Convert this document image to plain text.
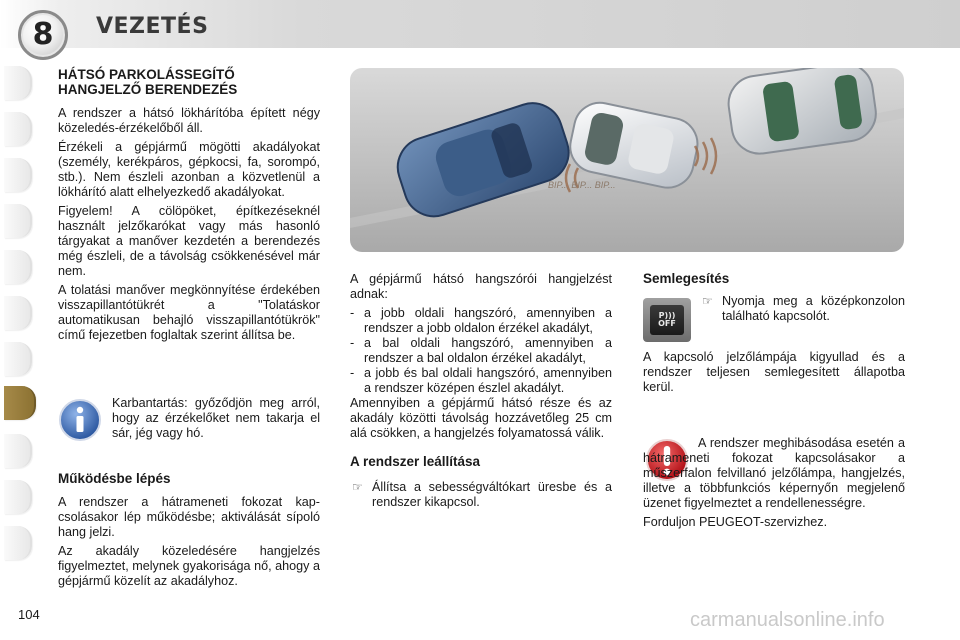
8 VEZETÉS
HÁTSÓ PARKOLÁSSEGÍTŐ
HANGJELZŐ BERENDEZÉS

A rendszer a hátsó lökhárítóba épített négy közeledés-érzékelőből áll.

Érzékeli a gépjármű mögötti akadályokat (személy, kerékpáros, gépkocsi, fa, sorompó, stb.). Nem észleli azonban a közvetlenül a lökhárító alatt elhelyezkedő akadályokat.

Figyelem! A cölöpöket, építkezéseknél használt jelzőkarókat vagy más hasonló tárgyakat a manőver kezdetén a berendezés még észleli, de a távolság csökkenésével már nem.

A tolatási manőver megkönnyítése érdekében visszapillantótükrét a "Tolatáskor automatikusan behajló visszapillantótükrök" című fejezetben foglaltak szerint állítsa be.

Karbantartás: győződjön meg arról, hogy az érzékelőket nem takarja el sár, jég vagy hó.
Működésbe lépés

A rendszer a hátrameneti fokozat kapcsolásakor lép működésbe; aktiválását sípoló hang jelzi.

Az akadály közeledésére hangjelzés figyelmeztet, melynek gyakorisága nő, ahogy a gépjármű közelít az akadályhoz.

BIP... BIP... BIP...

A gépjármű hátsó hangszórói hangjelzést adnak:

- a jobb oldali hangszóró, amennyiben a rendszer a jobb oldalon érzékel akadályt,
- a bal oldali hangszóró, amennyiben a rendszer a bal oldalon érzékel akadályt,
- a jobb és bal oldali hangszóró, amennyiben a rendszer középen észlel akadályt.

Amennyiben a gépjármű hátsó része és az akadály közötti távolság hozzávetőleg 25 cm alá csökken, a hangjelzés folyamatossá válik.

A rendszer leállítása
☞ Állítsa a sebességváltókart üresbe és a rendszer kikapcsol.
Semlegesítés
P)))
OFF
☞ Nyomja meg a középkonzolon található kapcsolót.

A kapcsoló jelzőlámpája kigyullad és a rendszer teljesen semlegesített állapotba kerül.

A rendszer meghibásodása esetén a hátrameneti fokozat kapcsolásakor a műszerfalon felvillanó jelzőlámpa, hangjelzés, illetve a többfunkciós képernyőn megjelenő üzenet figyelmeztet a rendellenességre.

Forduljon PEUGEOT-szervizhez.

104	carmanualsonline.info
